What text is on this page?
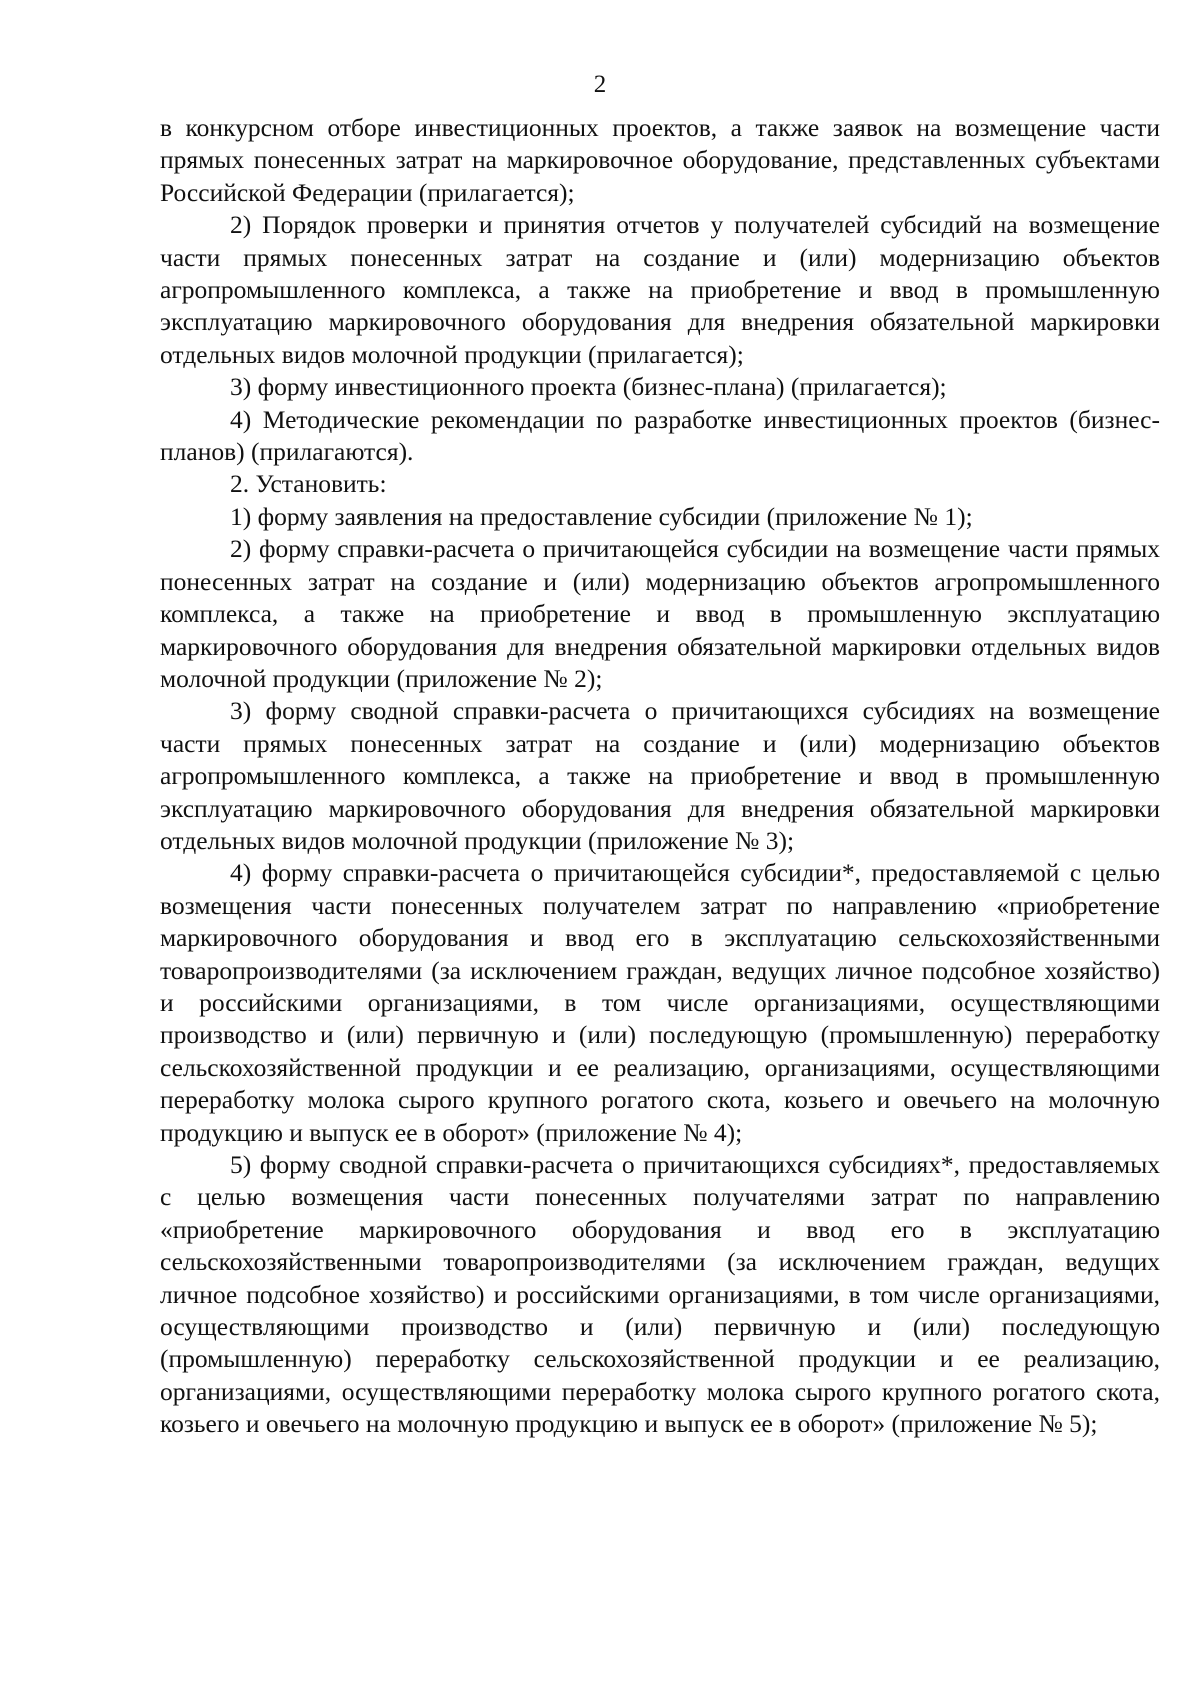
2

в конкурсном отборе инвестиционных проектов, а также заявок на возмещение части прямых понесенных затрат на маркировочное оборудование, представленных субъектами Российской Федерации (прилагается);

2) Порядок проверки и принятия отчетов у получателей субсидий на возмещение части прямых понесенных затрат на создание и (или) модернизацию объектов агропромышленного комплекса, а также на приобретение и ввод в промышленную эксплуатацию маркировочного оборудования для внедрения обязательной маркировки отдельных видов молочной продукции (прилагается);

3) форму инвестиционного проекта (бизнес-плана) (прилагается);

4) Методические рекомендации по разработке инвестиционных проектов (бизнес-планов) (прилагаются).

2. Установить:

1) форму заявления на предоставление субсидии (приложение № 1);

2) форму справки-расчета о причитающейся субсидии на возмещение части прямых понесенных затрат на создание и (или) модернизацию объектов агропромышленного комплекса, а также на приобретение и ввод в промышленную эксплуатацию маркировочного оборудования для внедрения обязательной маркировки отдельных видов молочной продукции (приложение № 2);

3) форму сводной справки-расчета о причитающихся субсидиях на возмещение части прямых понесенных затрат на создание и (или) модернизацию объектов агропромышленного комплекса, а также на приобретение и ввод в промышленную эксплуатацию маркировочного оборудования для внедрения обязательной маркировки отдельных видов молочной продукции (приложение № 3);

4) форму справки-расчета о причитающейся субсидии*, предоставляемой с целью возмещения части понесенных получателем затрат по направлению «приобретение маркировочного оборудования и ввод его в эксплуатацию сельскохозяйственными товаропроизводителями (за исключением граждан, ведущих личное подсобное хозяйство) и российскими организациями, в том числе организациями, осуществляющими производство и (или) первичную и (или) последующую (промышленную) переработку сельскохозяйственной продукции и ее реализацию, организациями, осуществляющими переработку молока сырого крупного рогатого скота, козьего и овечьего на молочную продукцию и выпуск ее в оборот» (приложение № 4);

5) форму сводной справки-расчета о причитающихся субсидиях*, предоставляемых с целью возмещения части понесенных получателями затрат по направлению «приобретение маркировочного оборудования и ввод его в эксплуатацию сельскохозяйственными товаропроизводителями (за исключением граждан, ведущих личное подсобное хозяйство) и российскими организациями, в том числе организациями, осуществляющими производство и (или) первичную и (или) последующую (промышленную) переработку сельскохозяйственной продукции и ее реализацию, организациями, осуществляющими переработку молока сырого крупного рогатого скота, козьего и овечьего на молочную продукцию и выпуск ее в оборот» (приложение № 5);
